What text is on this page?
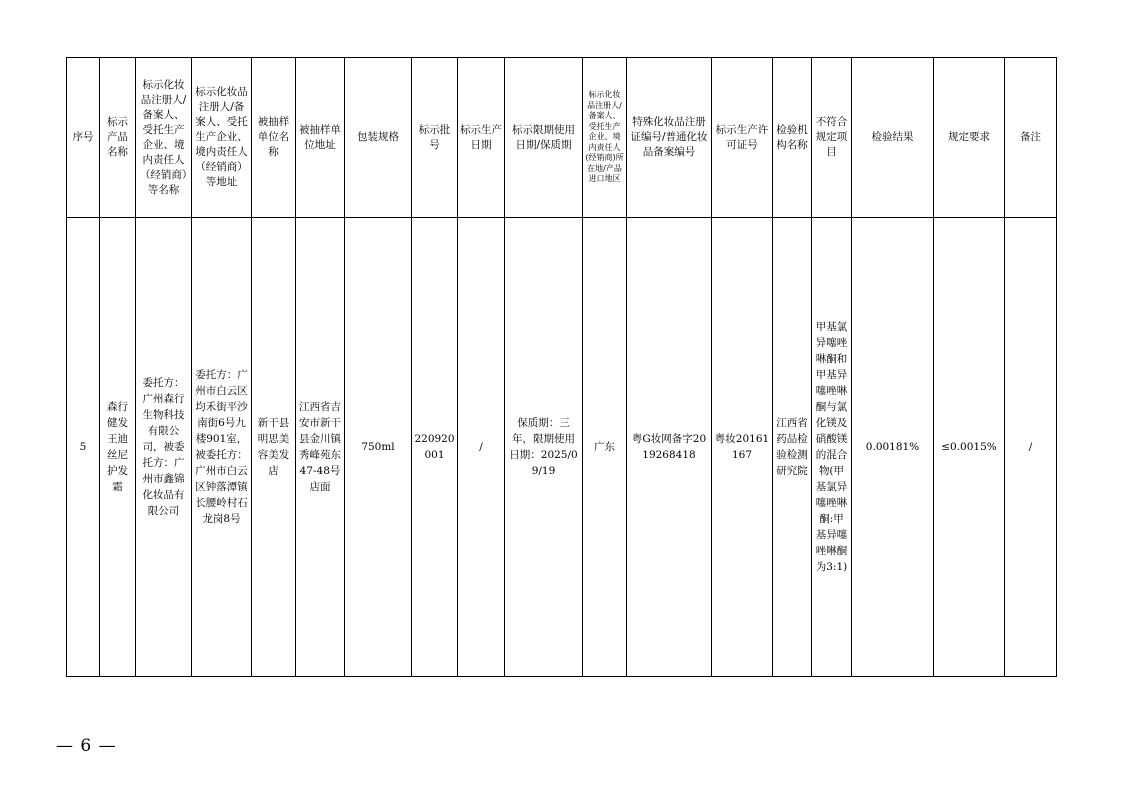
序号	标示产品名称	标示化妆品注册人/备案人、受托生产企业、境内责任人（经销商）等名称	标示化妆品注册人/备案人、受托生产企业、境内责任人（经销商）等地址	被抽样单位名称	被抽样单位地址	包装规格	标示批号	标示生产日期	标示限期使用日期/保质期	标示化妆品注册人/备案人、受托生产企业、境内责任人(经销商)所在地/产品进口地区	特殊化妆品注册证编号/普通化妆品备案编号	标示生产许可证号	检验机构名称	不符合规定项目	检验结果	规定要求	备注
5	森行健发王迪丝尼护发霜	委托方：广州森行生物科技有限公司，被委托方：广州市鑫锦化妆品有限公司	委托方：广州市白云区均禾街平沙南街6号九楼901室，被委托方：广州市白云区钟落潭镇长腰岭村石龙岗8号	新干县明思美容美发店	江西省吉安市新干县金川镇秀峰苑东47-48号店面	750ml	220920001	/	保质期：三年，限期使用日期：2025/09/19	广东	粤G妆网备字2019268418	粤妆20161167	江西省药品检验检测研究院	甲基氯异噻唑啉酮和甲基异噻唑啉酮与氯化镁及硝酸镁的混合物(甲基氯异噻唑啉酮:甲基异噻唑啉酮为3:1)	0.00181%	≤0.0015%	/
— 6 —
